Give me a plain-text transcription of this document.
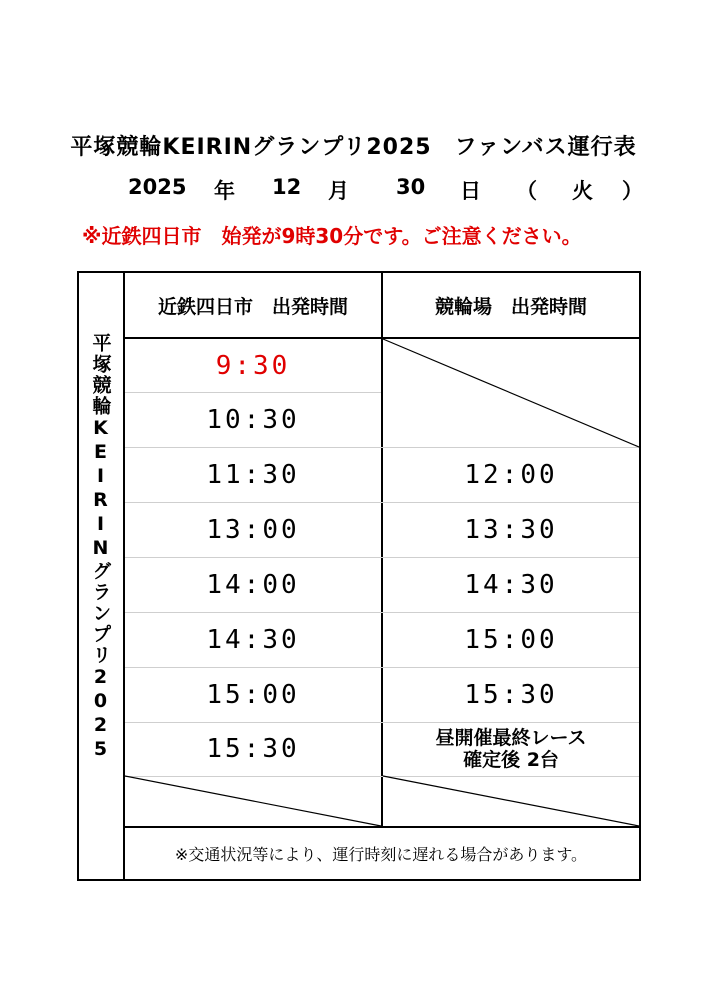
平塚競輪KEIRINグランプリ2025　ファンバス運行表
2025 年 12 月 30 日 （ 火 ）
※近鉄四日市　始発が9時30分です。ご注意ください。
平塚競輪KEIRINグランプリ2025
近鉄四日市　出発時間	競輪場　出発時間
9:30
10:30
11:30
13:00
14:00
14:30
15:00
15:30
12:00
13:30
14:30
15:00
15:30
昼開催最終レース
確定後 2台
※交通状況等により、運行時刻に遅れる場合があります。
